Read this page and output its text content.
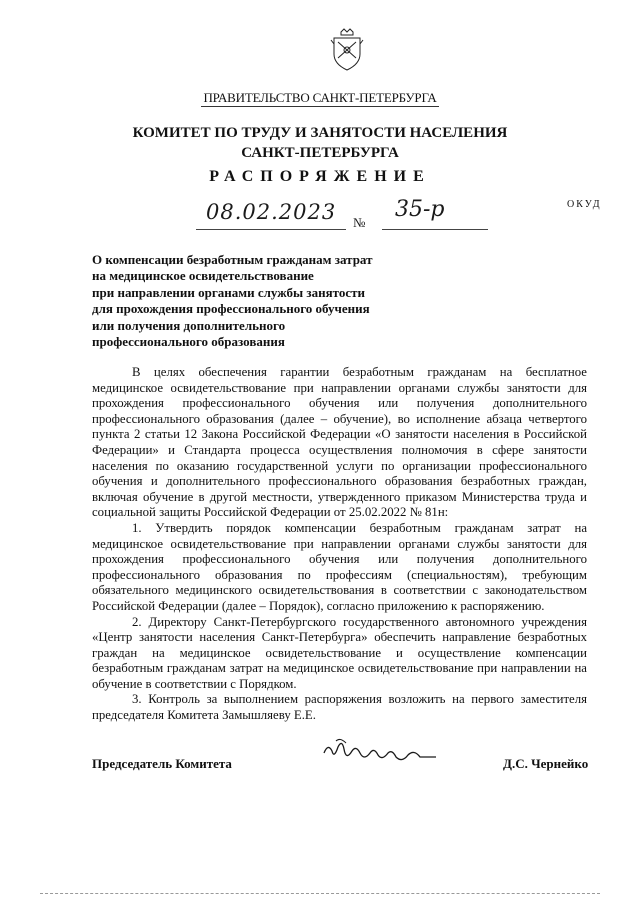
ПРАВИТЕЛЬСТВО САНКТ-ПЕТЕРБУРГА
КОМИТЕТ ПО ТРУДУ И ЗАНЯТОСТИ НАСЕЛЕНИЯ
САНКТ-ПЕТЕРБУРГА
РАСПОРЯЖЕНИЕ
ОКУД
08.02.2023 №
35-р
О компенсации безработным гражданам затрат
на медицинское освидетельствование
при направлении органами службы занятости
для прохождения профессионального обучения
или получения дополнительного
профессионального образования

В целях обеспечения гарантии безработным гражданам на бесплатное медицинское освидетельствование при направлении органами службы занятости для прохождения профессионального обучения или получения дополнительного профессионального образования (далее – обучение), во исполнение абзаца четвертого пункта 2 статьи 12 Закона Российской Федерации «О занятости населения в Российской Федерации» и Стандарта процесса осуществления полномочия в сфере занятости населения по оказанию государственной услуги по организации профессионального обучения и дополнительного профессионального образования безработных граждан, включая обучение в другой местности, утвержденного приказом Министерства труда и социальной защиты Российской Федерации от 25.02.2022 № 81н:

1. Утвердить порядок компенсации безработным гражданам затрат на медицинское освидетельствование при направлении органами службы занятости для прохождения профессионального обучения или получения дополнительного профессионального образования по профессиям (специальностям), требующим обязательного медицинского освидетельствования в соответствии с законодательством Российской Федерации (далее – Порядок), согласно приложению к распоряжению.

2. Директору Санкт-Петербургского государственного автономного учреждения «Центр занятости населения Санкт-Петербурга» обеспечить направление безработных граждан на медицинское освидетельствование и осуществление компенсации безработным гражданам затрат на медицинское освидетельствование при направлении на обучение в соответствии с Порядком.

3. Контроль за выполнением распоряжения возложить на первого заместителя председателя Комитета Замышляеву Е.Е.

Председатель Комитета	Д.С. Чернейко
